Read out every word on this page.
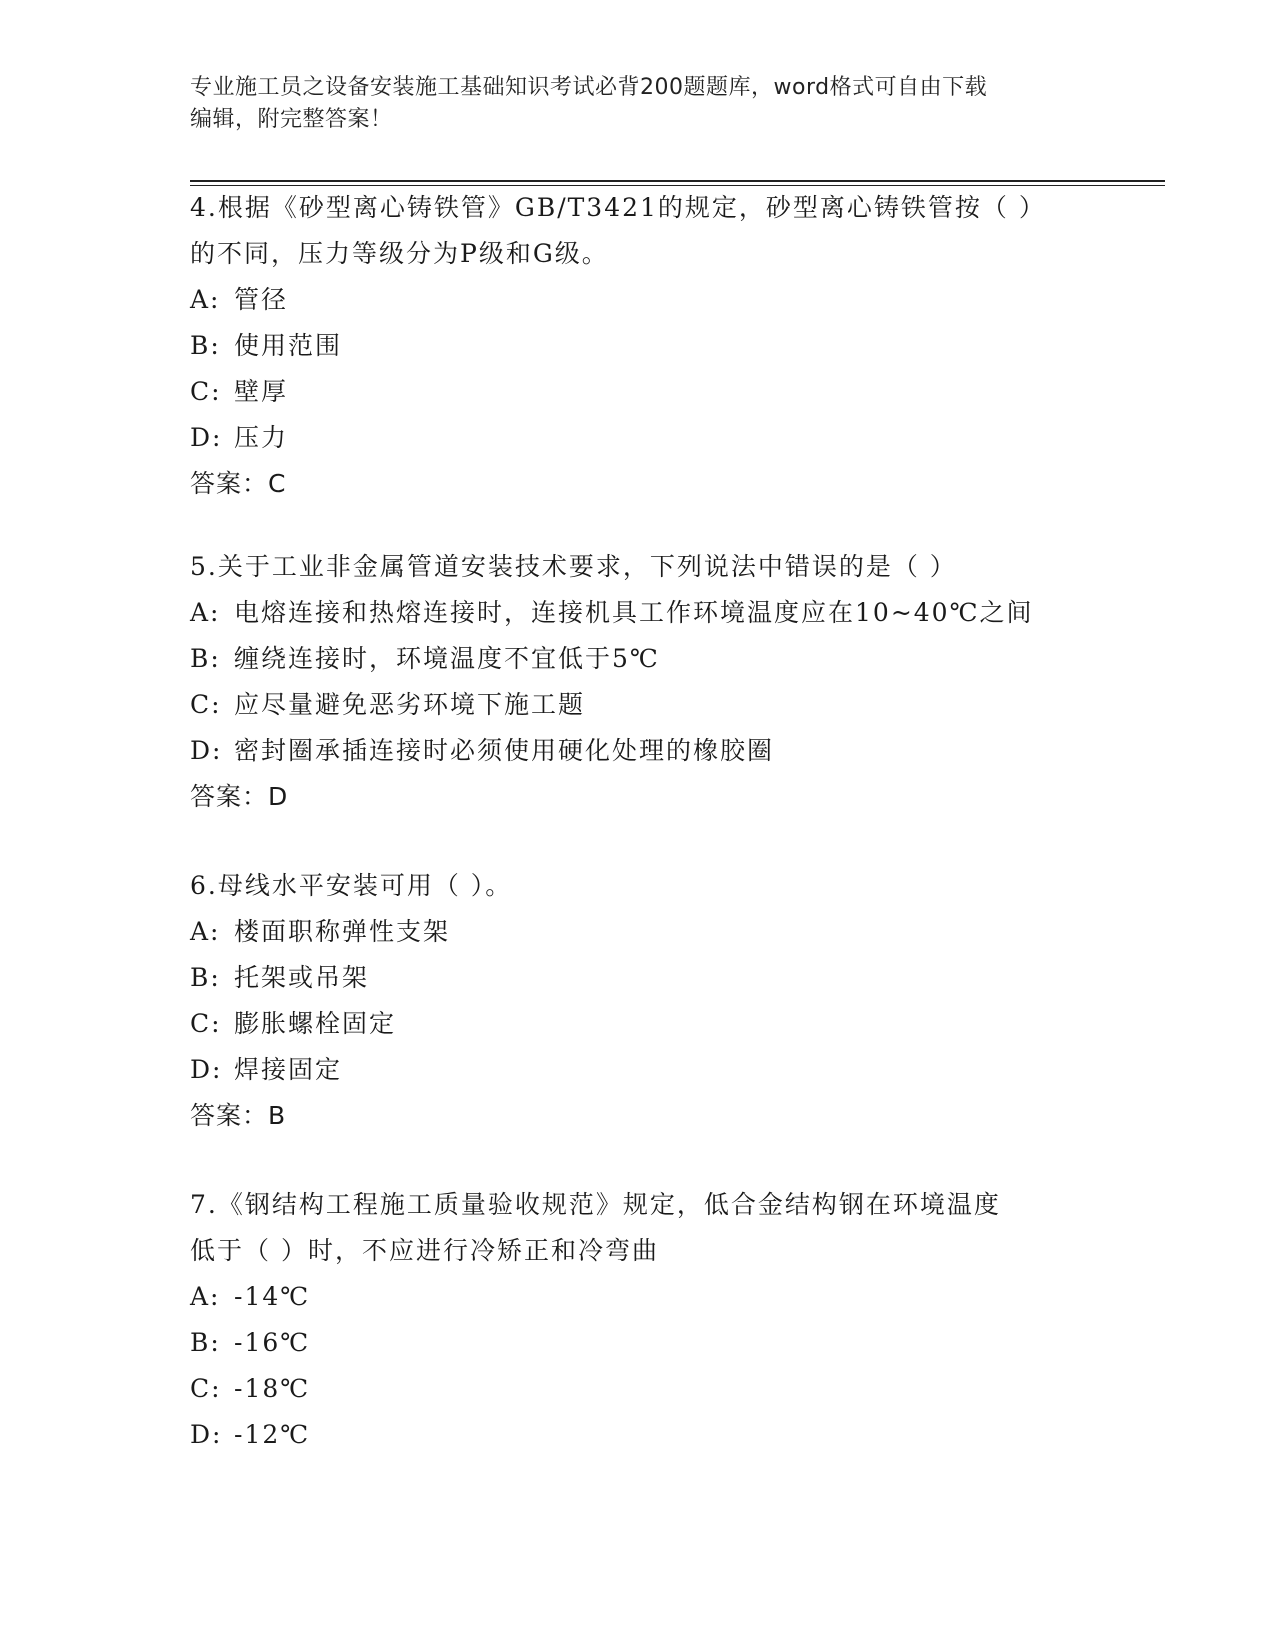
专业施工员之设备安装施工基础知识考试必背200题题库，word格式可自由下载
编辑，附完整答案！
4.根据《砂型离心铸铁管》GB/T3421的规定，砂型离心铸铁管按（ ）
的不同，压力等级分为P级和G级。
A: 管径
B: 使用范围
C: 壁厚
D: 压力
答案：C
5.关于工业非金属管道安装技术要求，下列说法中错误的是（ ）
A: 电熔连接和热熔连接时，连接机具工作环境温度应在10~40℃之间
B: 缠绕连接时，环境温度不宜低于5℃
C: 应尽量避免恶劣环境下施工题
D: 密封圈承插连接时必须使用硬化处理的橡胶圈
答案：D
6.母线水平安装可用（ ）。
A: 楼面职称弹性支架
B: 托架或吊架
C: 膨胀螺栓固定
D: 焊接固定
答案：B
7.《钢结构工程施工质量验收规范》规定，低合金结构钢在环境温度
低于（ ）时，不应进行冷矫正和冷弯曲
A: -14℃
B: -16℃
C: -18℃
D: -12℃
